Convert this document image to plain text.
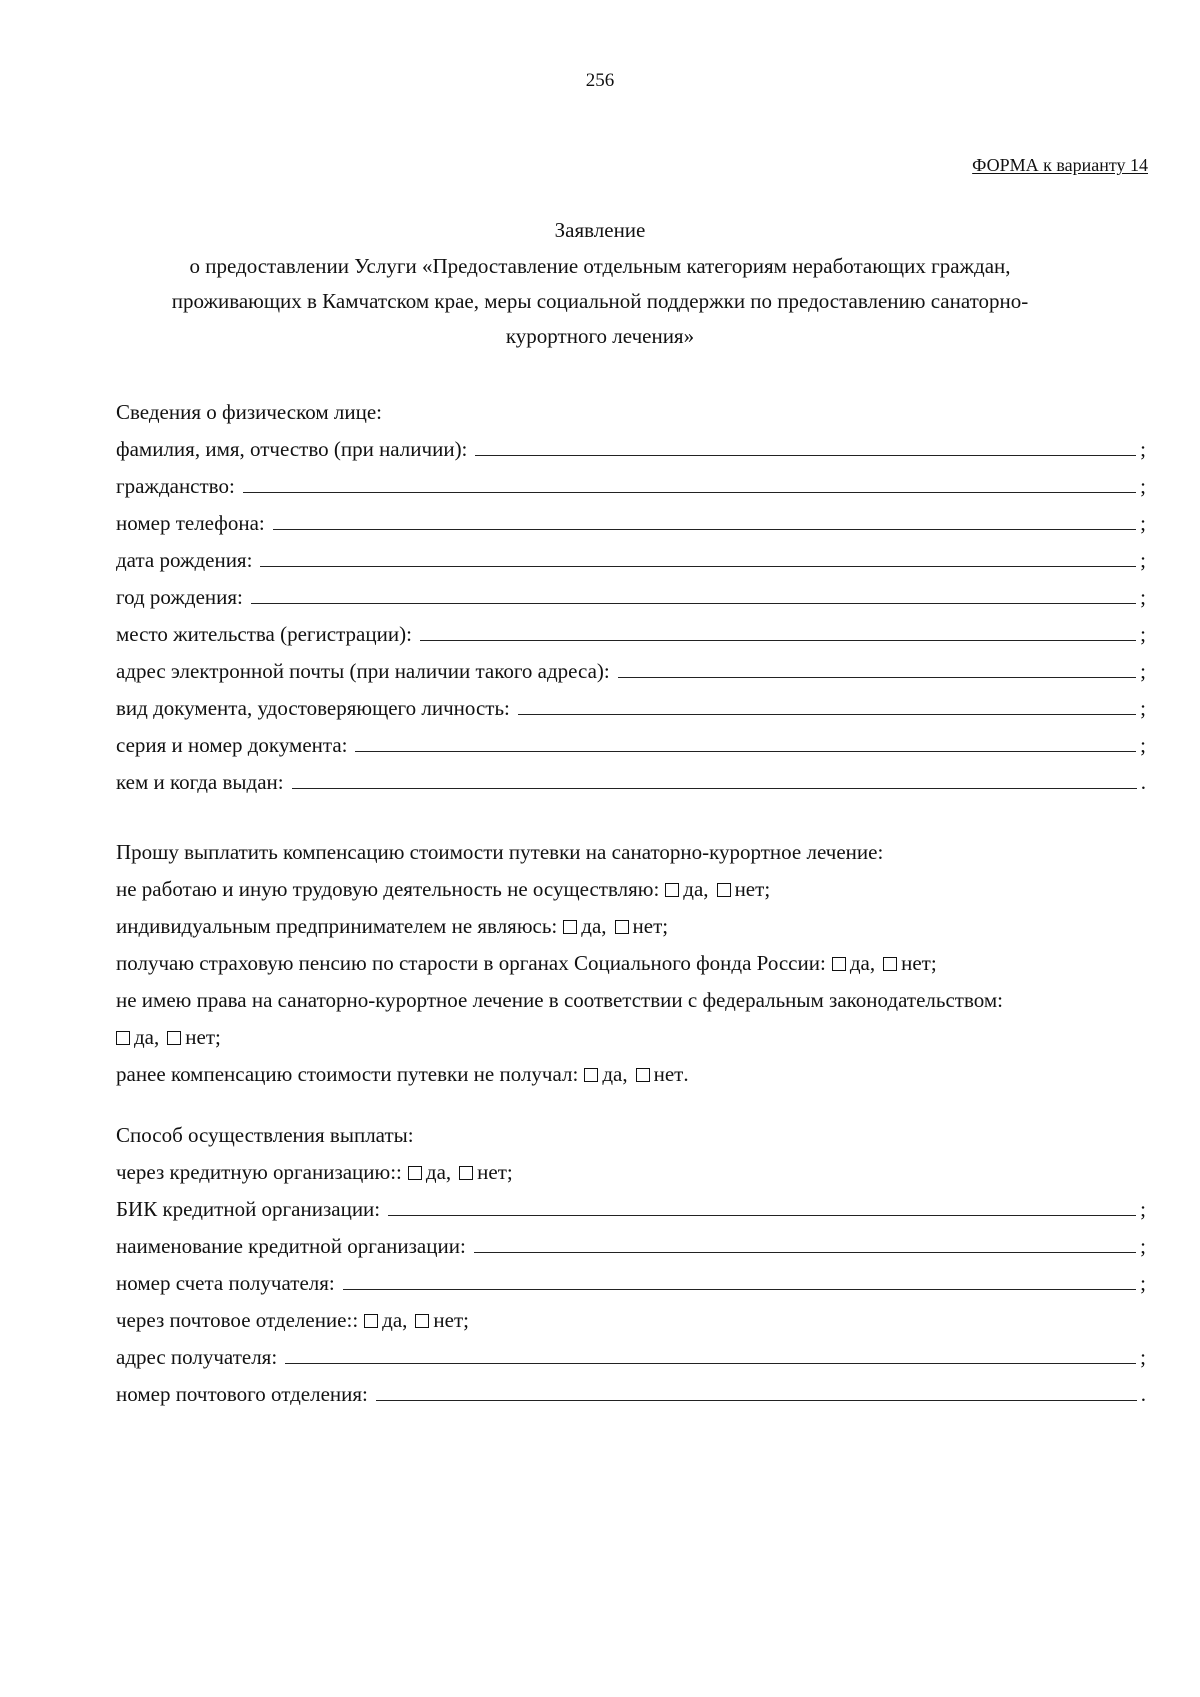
256
ФОРМА к варианту 14
Заявление
о предоставлении Услуги «Предоставление отдельным категориям неработающих граждан,
проживающих в Камчатском крае, меры социальной поддержки по предоставлению санаторно-
курортного лечения»
Сведения о физическом лице:
фамилия, имя, отчество (при наличии):	;
гражданство:	;
номер телефона:	;
дата рождения:	;
год рождения:	;
место жительства (регистрации):	;
адрес электронной почты (при наличии такого адреса):	;
вид документа, удостоверяющего личность:	;
серия и номер документа:	;
кем и когда выдан:	.
Прошу выплатить компенсацию стоимости путевки на санаторно-курортное лечение:
не работаю и иную трудовую деятельность не осуществляю: да, нет ;
индивидуальным предпринимателем не являюсь: да, нет ;
получаю страховую пенсию по старости в органах Социального фонда России: да, нет ;
не имею права на санаторно-курортное лечение в соответствии с федеральным законодательством:
да, нет ;
ранее компенсацию стоимости путевки не получал: да, нет .
Способ осуществления выплаты:
через кредитную организацию:: да, нет ;
БИК кредитной организации:	;
наименование кредитной организации:	;
номер счета получателя:	;
через почтовое отделение:: да, нет ;
адрес получателя:	;
номер почтового отделения:	.
